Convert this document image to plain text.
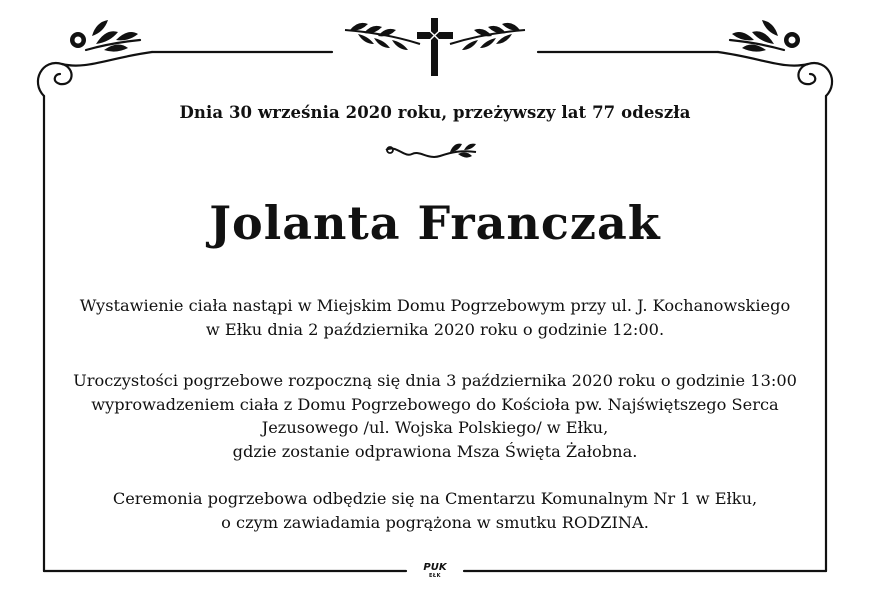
Dnia 30 września 2020 roku, przeżywszy lat 77 odeszła
Jolanta Franczak
Wystawienie ciała nastąpi w Miejskim Domu Pogrzebowym przy ul. J. Kochanowskiego
w Ełku dnia 2 października 2020 roku o godzinie 12:00.
Uroczystości pogrzebowe rozpoczną się dnia 3 października 2020 roku o godzinie 13:00
wyprowadzeniem ciała z Domu Pogrzebowego do Kościoła pw. Najświętszego Serca
Jezusowego /ul. Wojska Polskiego/ w Ełku,
gdzie zostanie odprawiona Msza Święta Żałobna.
Ceremonia pogrzebowa odbędzie się na Cmentarzu Komunalnym Nr 1 w Ełku,
o czym zawiadamia pogrążona w smutku RODZINA.
PUK
EŁK
